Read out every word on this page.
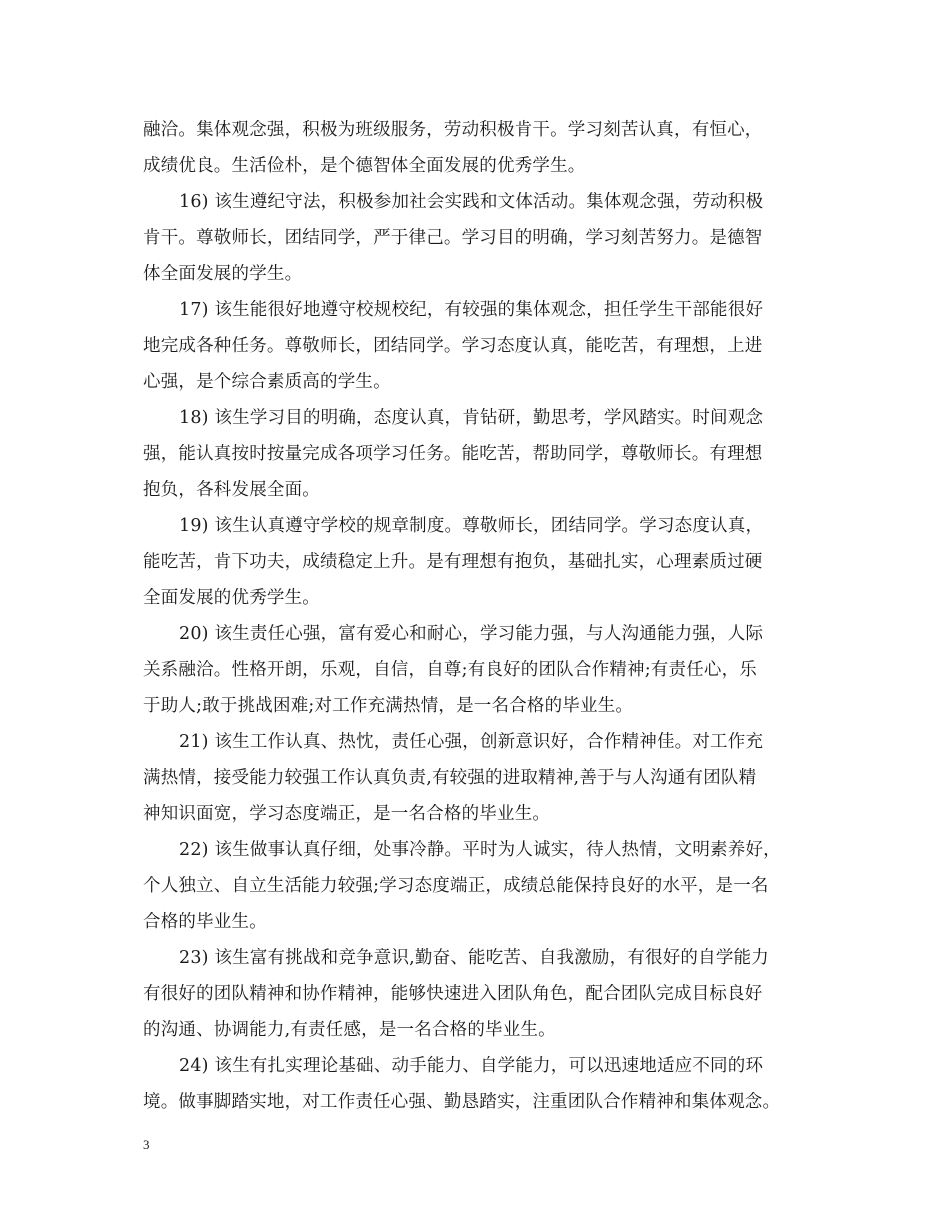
融洽。集体观念强，积极为班级服务，劳动积极肯干。学习刻苦认真，有恒心，
成绩优良。生活俭朴，是个德智体全面发展的优秀学生。
16) 该生遵纪守法，积极参加社会实践和文体活动。集体观念强，劳动积极
肯干。尊敬师长，团结同学，严于律己。学习目的明确，学习刻苦努力。是德智
体全面发展的学生。
17) 该生能很好地遵守校规校纪，有较强的集体观念，担任学生干部能很好
地完成各种任务。尊敬师长，团结同学。学习态度认真，能吃苦，有理想，上进
心强，是个综合素质高的学生。
18) 该生学习目的明确，态度认真，肯钻研，勤思考，学风踏实。时间观念
强，能认真按时按量完成各项学习任务。能吃苦，帮助同学，尊敬师长。有理想
抱负，各科发展全面。
19) 该生认真遵守学校的规章制度。尊敬师长，团结同学。学习态度认真，
能吃苦，肯下功夫，成绩稳定上升。是有理想有抱负，基础扎实，心理素质过硬
全面发展的优秀学生。
20) 该生责任心强，富有爱心和耐心，学习能力强，与人沟通能力强，人际
关系融洽。性格开朗，乐观，自信，自尊;有良好的团队合作精神;有责任心，乐
于助人;敢于挑战困难;对工作充满热情，是一名合格的毕业生。
21) 该生工作认真、热忱，责任心强，创新意识好，合作精神佳。对工作充
满热情，接受能力较强工作认真负责,有较强的进取精神,善于与人沟通有团队精
神知识面宽，学习态度端正，是一名合格的毕业生。
22) 该生做事认真仔细，处事冷静。平时为人诚实，待人热情，文明素养好，
个人独立、自立生活能力较强;学习态度端正，成绩总能保持良好的水平，是一名
合格的毕业生。
23) 该生富有挑战和竞争意识,勤奋、能吃苦、自我激励，有很好的自学能力
有很好的团队精神和协作精神，能够快速进入团队角色，配合团队完成目标良好
的沟通、协调能力,有责任感，是一名合格的毕业生。
24) 该生有扎实理论基础、动手能力、自学能力，可以迅速地适应不同的环
境。做事脚踏实地，对工作责任心强、勤恳踏实，注重团队合作精神和集体观念。
3
